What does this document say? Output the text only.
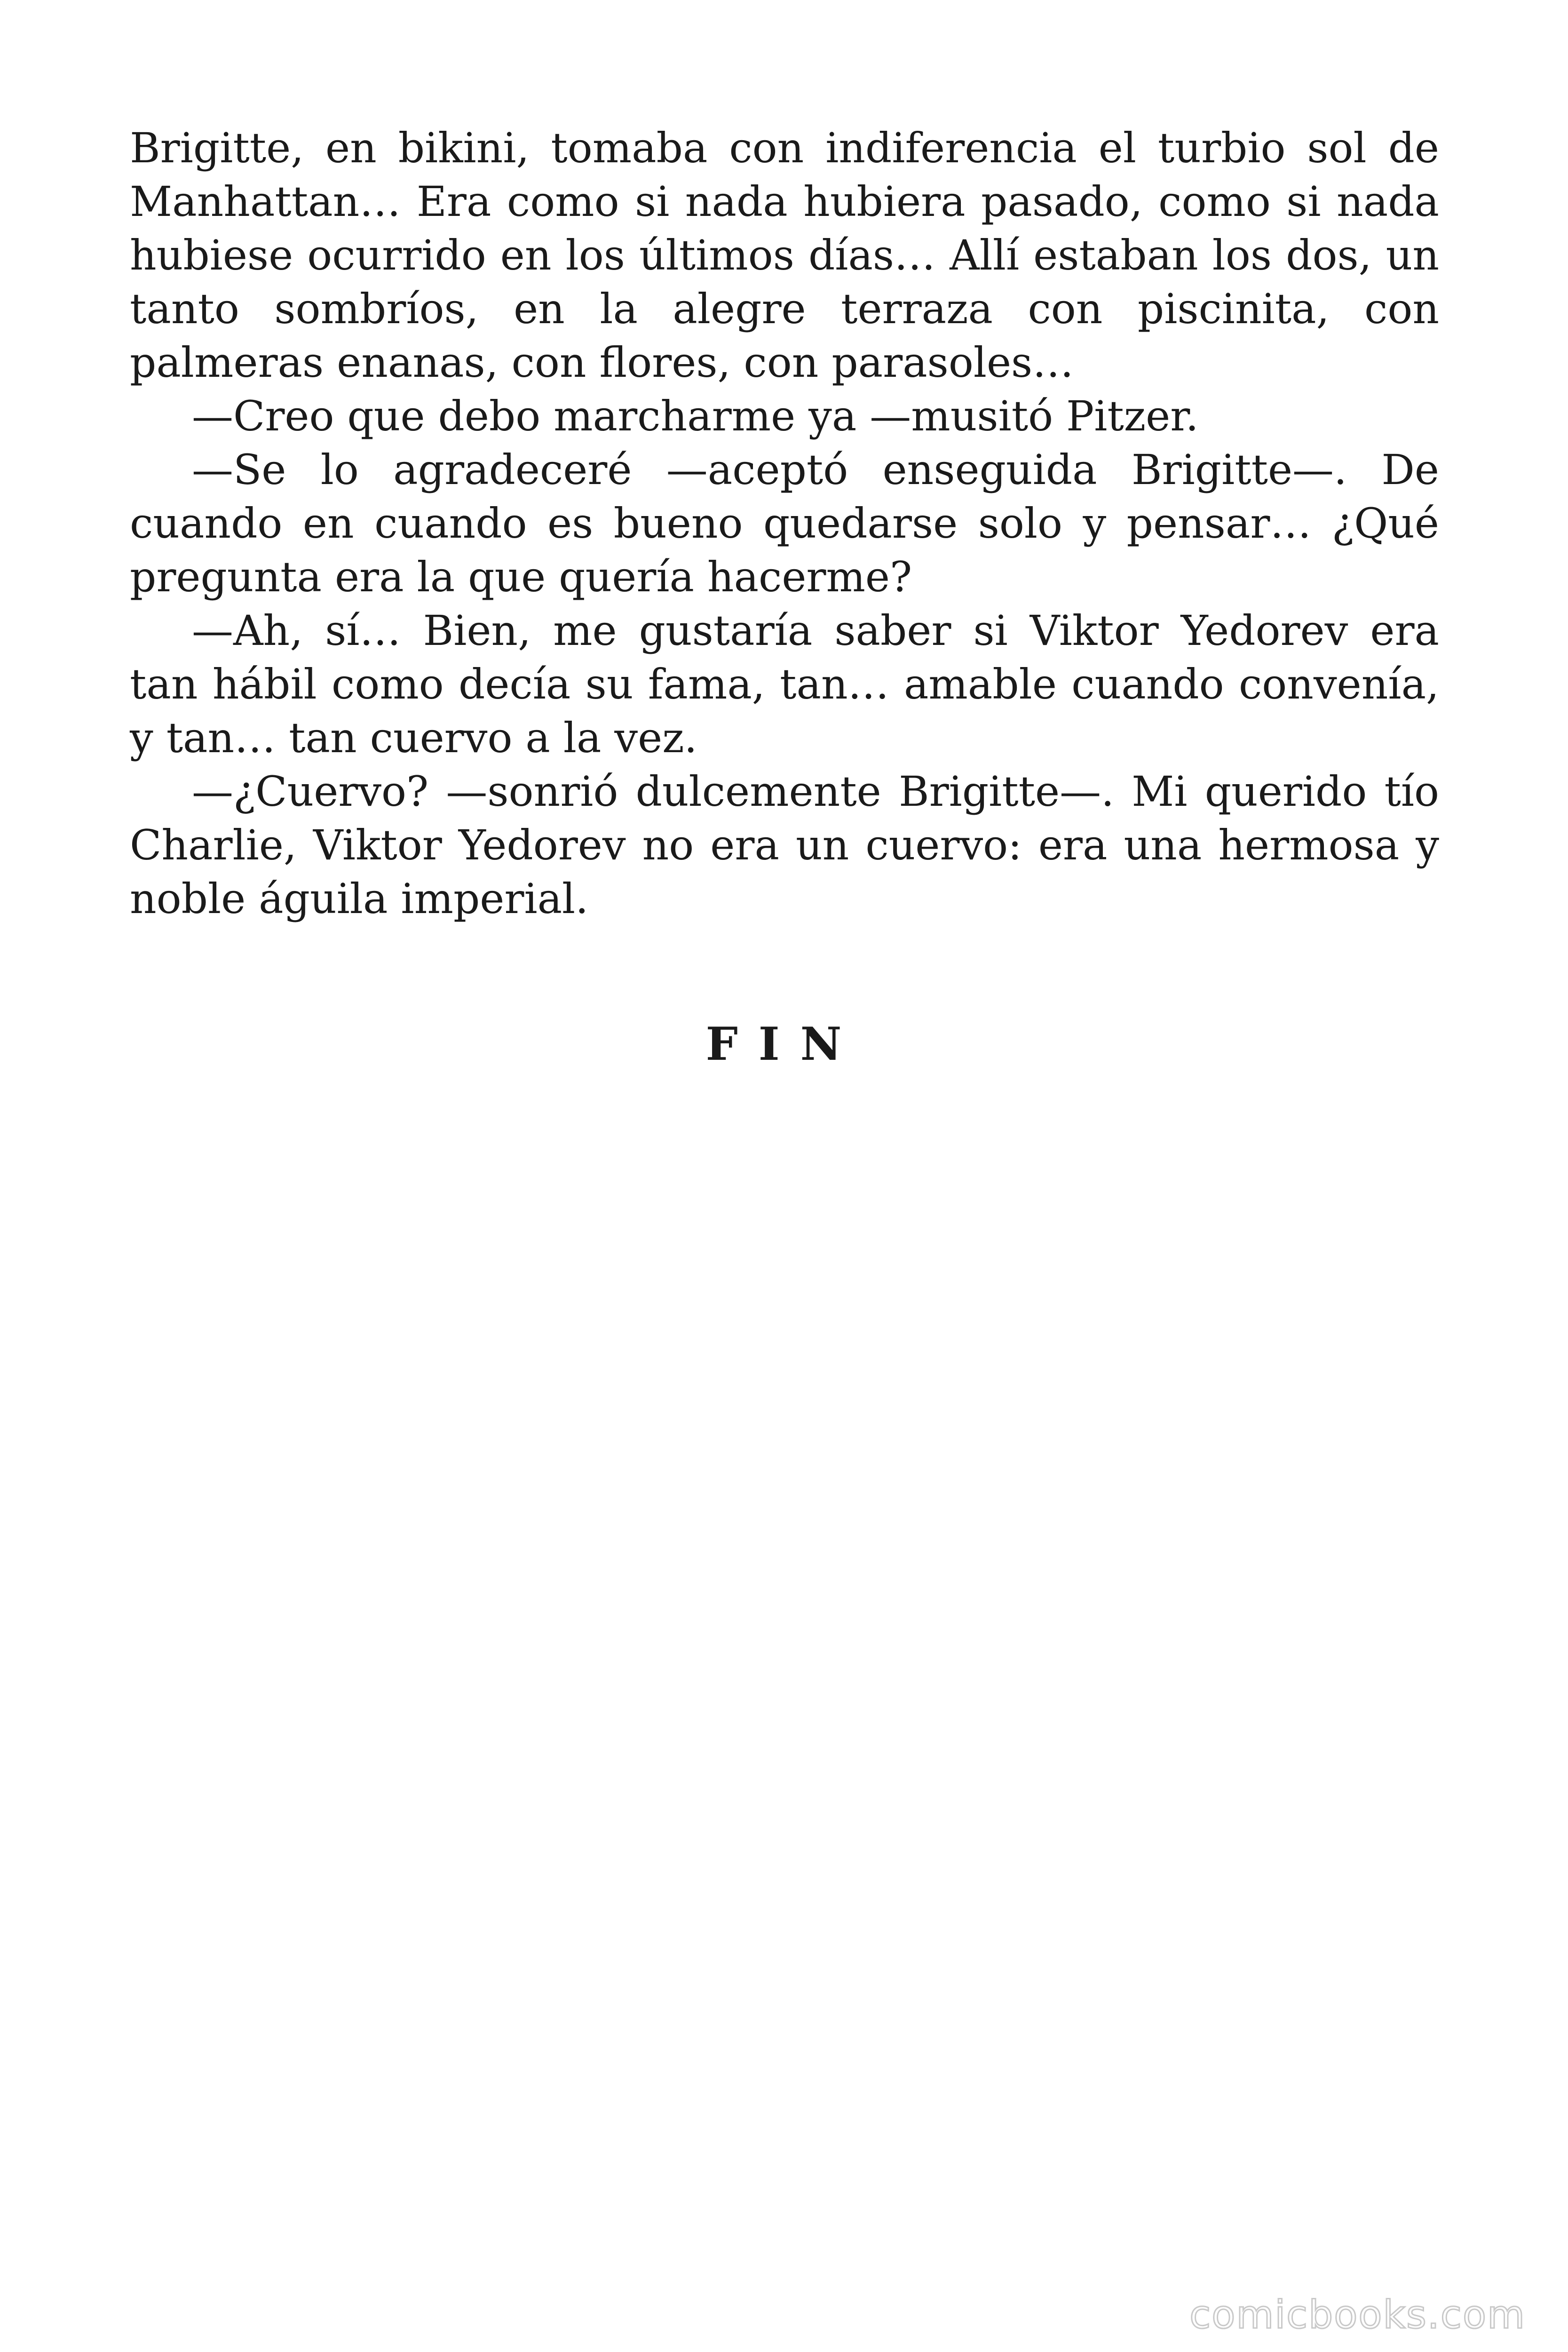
Brigitte, en bikini, tomaba con indiferencia el turbio sol de Manhattan… Era como si nada hubiera pasado, como si nada hubiese ocurrido en los últimos días… Allí estaban los dos, un tanto sombríos, en la alegre terraza con piscinita, con palmeras enanas, con flores, con parasoles…

—Creo que debo marcharme ya —musitó Pitzer.

—Se lo agradeceré —aceptó enseguida Brigitte—. De cuando en cuando es bueno quedarse solo y pensar… ¿Qué pregunta era la que quería hacerme?

—Ah, sí… Bien, me gustaría saber si Viktor Yedorev era tan hábil como decía su fama, tan… amable cuando convenía, y tan… tan cuervo a la vez.

—¿Cuervo? —sonrió dulcemente Brigitte—. Mi querido tío Charlie, Viktor Yedorev no era un cuervo: era una hermosa y noble águila imperial.

FIN
comicbooks.com
